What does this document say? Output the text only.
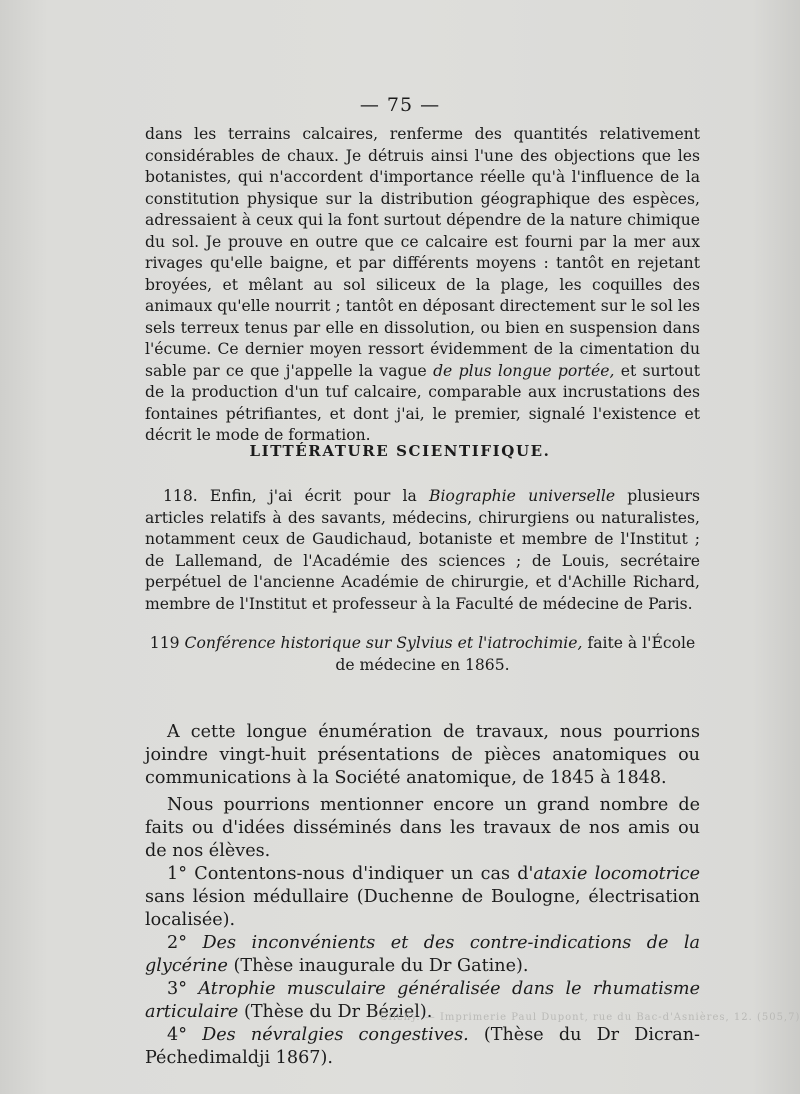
— 75 —
dans les terrains calcaires, renferme des quantités relativement considérables de chaux. Je détruis ainsi l'une des objections que les botanistes, qui n'accordent d'importance réelle qu'à l'influence de la constitution physique sur la distribution géographique des espèces, adressaient à ceux qui la font surtout dépendre de la nature chimique du sol. Je prouve en outre que ce calcaire est fourni par la mer aux rivages qu'elle baigne, et par différents moyens : tantôt en rejetant broyées, et mêlant au sol siliceux de la plage, les coquilles des animaux qu'elle nourrit ; tantôt en déposant directement sur le sol les sels terreux tenus par elle en dissolution, ou bien en suspension dans l'écume. Ce dernier moyen ressort évidemment de la cimentation du sable par ce que j'appelle la vague de plus longue portée, et surtout de la production d'un tuf calcaire, comparable aux incrustations des fontaines pétrifiantes, et dont j'ai, le premier, signalé l'existence et décrit le mode de formation.
LITTÉRATURE SCIENTIFIQUE.
118. Enfin, j'ai écrit pour la Biographie universelle plusieurs articles relatifs à des savants, médecins, chirurgiens ou naturalistes, notamment ceux de Gaudichaud, botaniste et membre de l'Institut ; de Lallemand, de l'Académie des sciences ; de Louis, secrétaire perpétuel de l'ancienne Académie de chirurgie, et d'Achille Richard, membre de l'Institut et professeur à la Faculté de médecine de Paris.
119 Conférence historique sur Sylvius et l'iatrochimie, faite à l'École de médecine en 1865.

A cette longue énumération de travaux, nous pourrions joindre vingt-huit présentations de pièces anatomiques ou communications à la Société anatomique, de 1845 à 1848.

Nous pourrions mentionner encore un grand nombre de faits ou d'idées disséminés dans les travaux de nos amis ou de nos élèves.

1° Contentons-nous d'indiquer un cas d'ataxie locomotrice sans lésion médullaire (Duchenne de Boulogne, électrisation localisée).

2° Des inconvénients et des contre-indications de la glycérine (Thèse inaugurale du Dr Gatine).

3° Atrophie musculaire généralisée dans le rhumatisme articulaire (Thèse du Dr Béziel).

4° Des névralgies congestives. (Thèse du Dr Dicran-Péchedimaldji 1867).

Clichy. — Imprimerie Paul Dupont, rue du Bac-d'Asnières, 12. (505,7)
